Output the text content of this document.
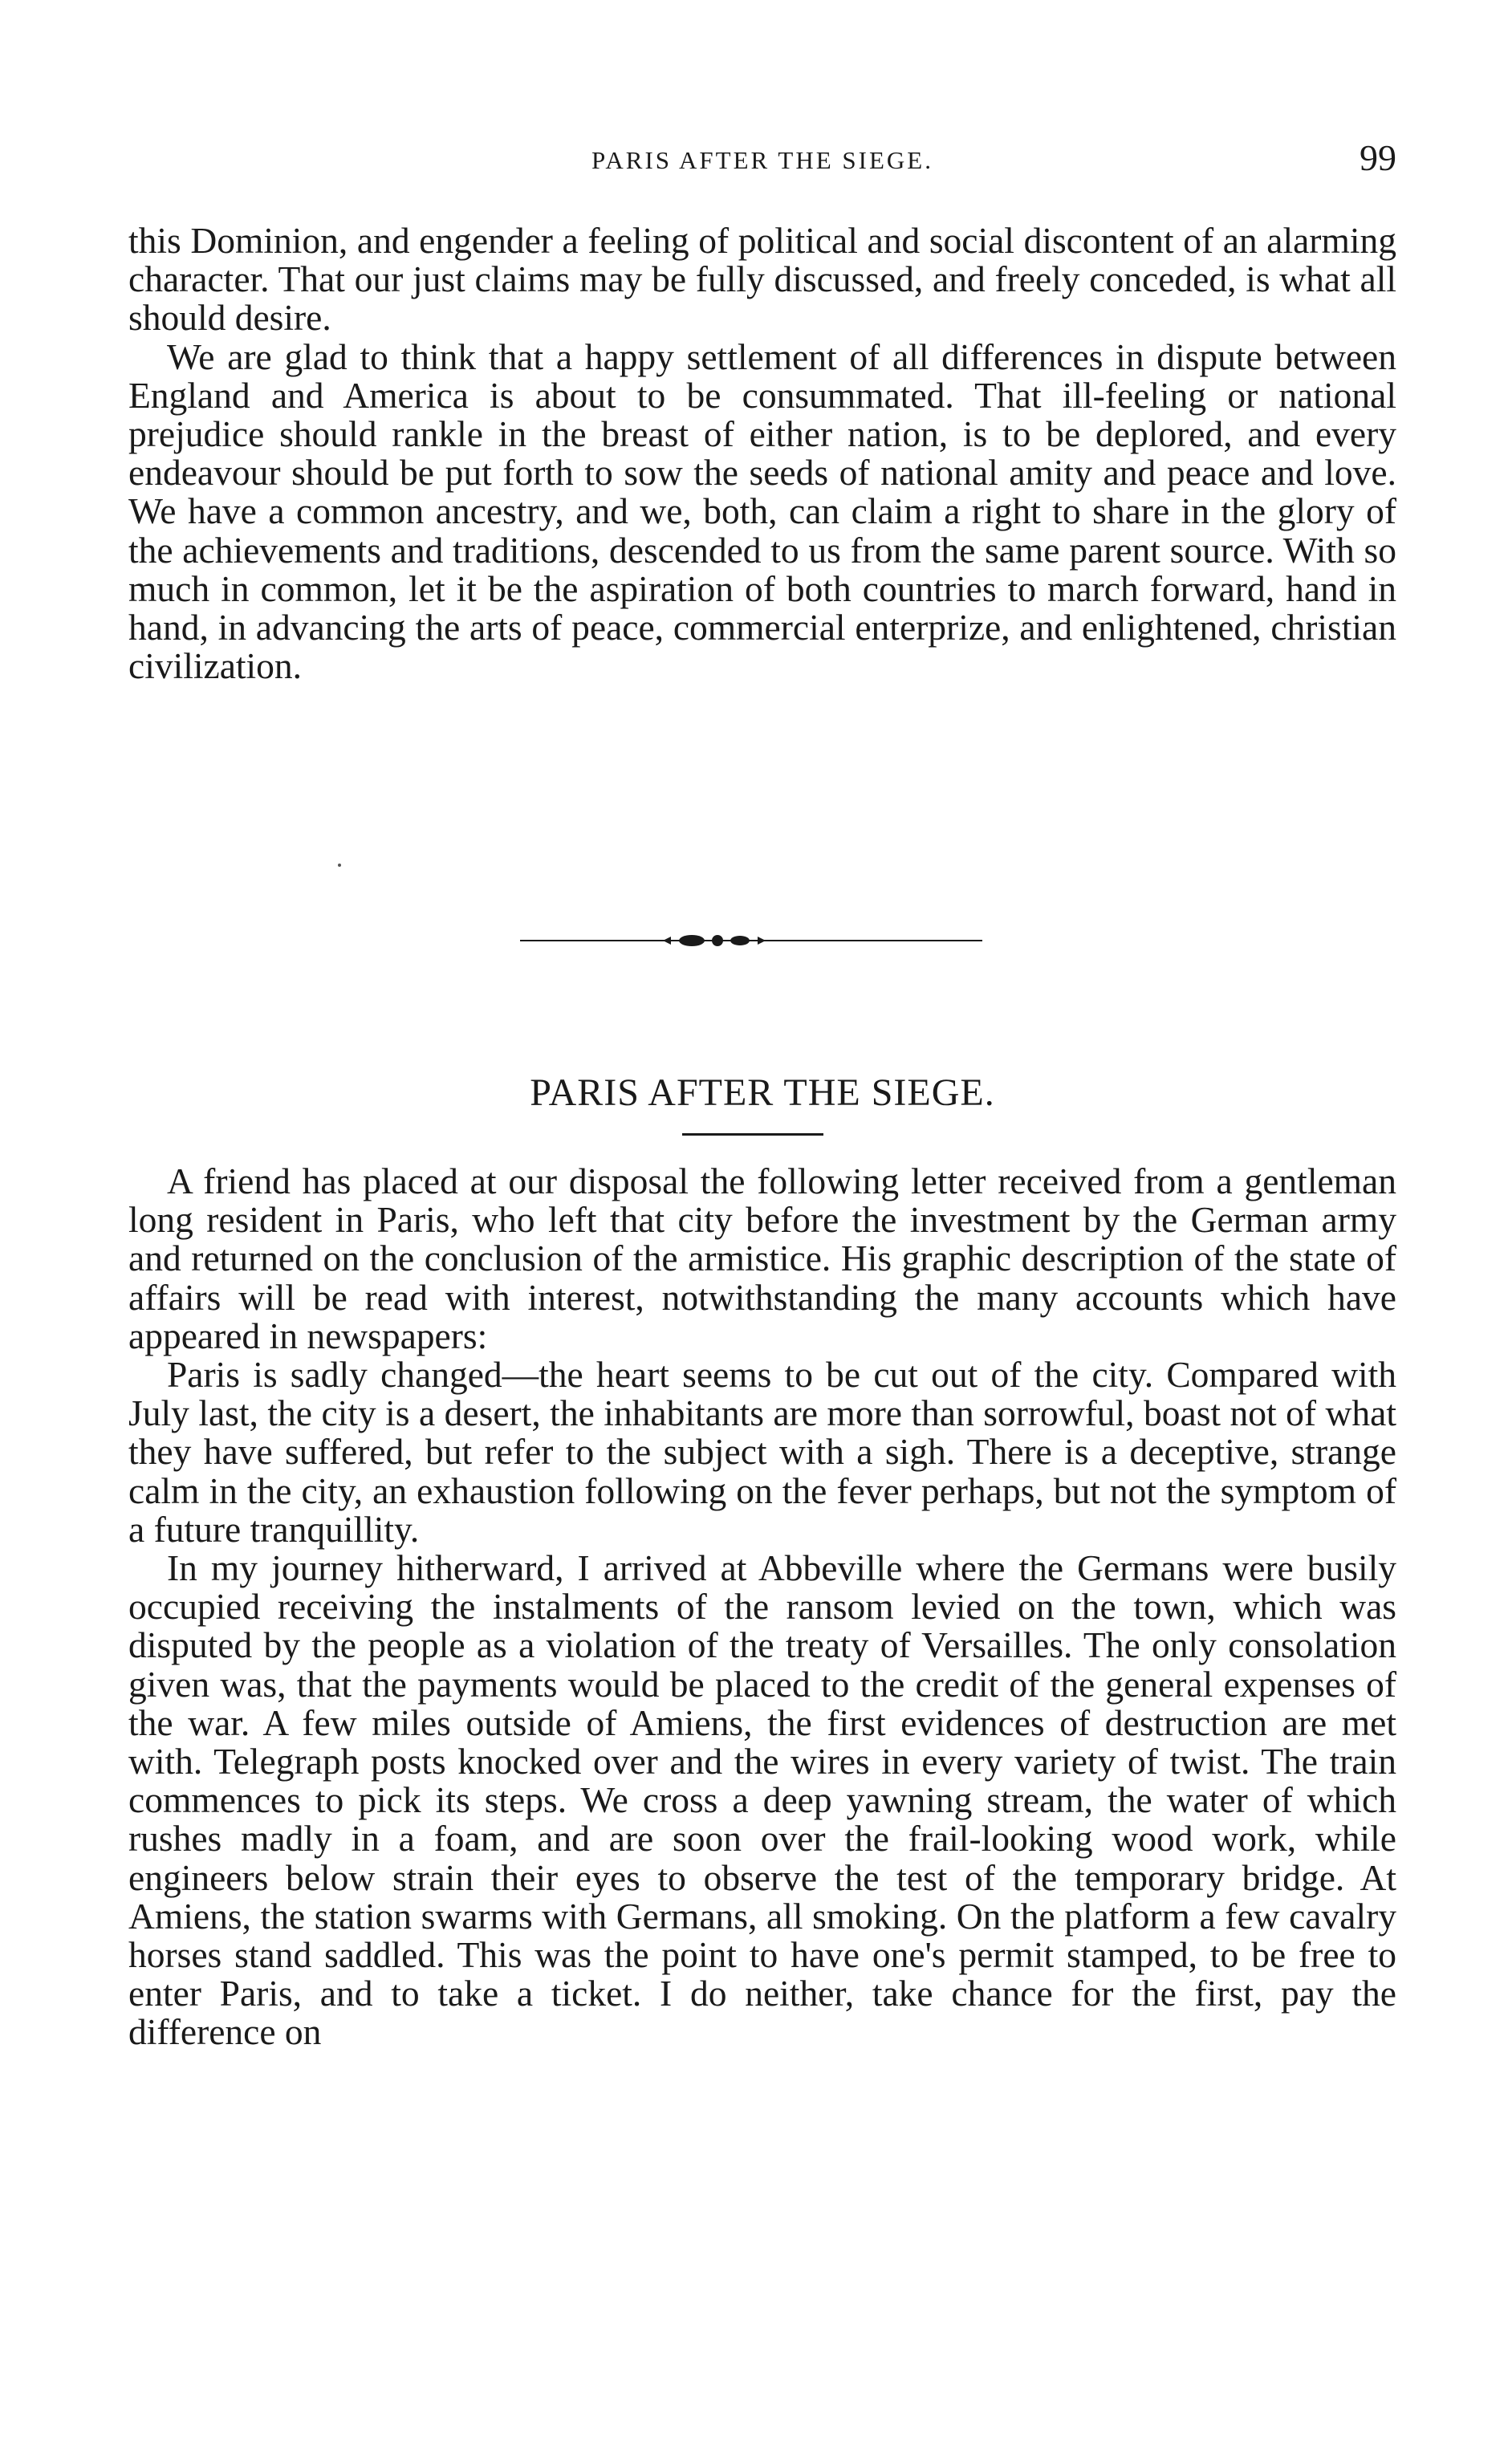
PARIS AFTER THE SIEGE.	99

this Dominion, and engender a feeling of political and social discontent of an alarming character. That our just claims may be fully discussed, and freely conceded, is what all should desire.

We are glad to think that a happy settlement of all differences in dispute between England and America is about to be consummated. That ill-feeling or national prejudice should rankle in the breast of either nation, is to be deplored, and every endeavour should be put forth to sow the seeds of national amity and peace and love. We have a common ancestry, and we, both, can claim a right to share in the glory of the achievements and traditions, descended to us from the same parent source. With so much in common, let it be the aspiration of both countries to march forward, hand in hand, in advancing the arts of peace, commercial enterprize, and enlightened, christian civilization.

PARIS AFTER THE SIEGE.

A friend has placed at our disposal the following letter received from a gentleman long resident in Paris, who left that city before the investment by the German army and returned on the conclusion of the armistice. His graphic description of the state of affairs will be read with interest, notwithstanding the many accounts which have appeared in newspapers:

Paris is sadly changed—the heart seems to be cut out of the city. Compared with July last, the city is a desert, the inhabitants are more than sorrowful, boast not of what they have suffered, but refer to the subject with a sigh. There is a deceptive, strange calm in the city, an exhaustion following on the fever perhaps, but not the symptom of a future tranquillity.

In my journey hitherward, I arrived at Abbeville where the Germans were busily occupied receiving the instalments of the ransom levied on the town, which was disputed by the people as a violation of the treaty of Versailles. The only consolation given was, that the payments would be placed to the credit of the general expenses of the war. A few miles outside of Amiens, the first evidences of destruction are met with. Telegraph posts knocked over and the wires in every variety of twist. The train commences to pick its steps. We cross a deep yawning stream, the water of which rushes madly in a foam, and are soon over the frail-looking wood work, while engineers below strain their eyes to observe the test of the temporary bridge. At Amiens, the station swarms with Germans, all smoking. On the platform a few cavalry horses stand saddled. This was the point to have one's permit stamped, to be free to enter Paris, and to take a ticket. I do neither, take chance for the first, pay the difference on
